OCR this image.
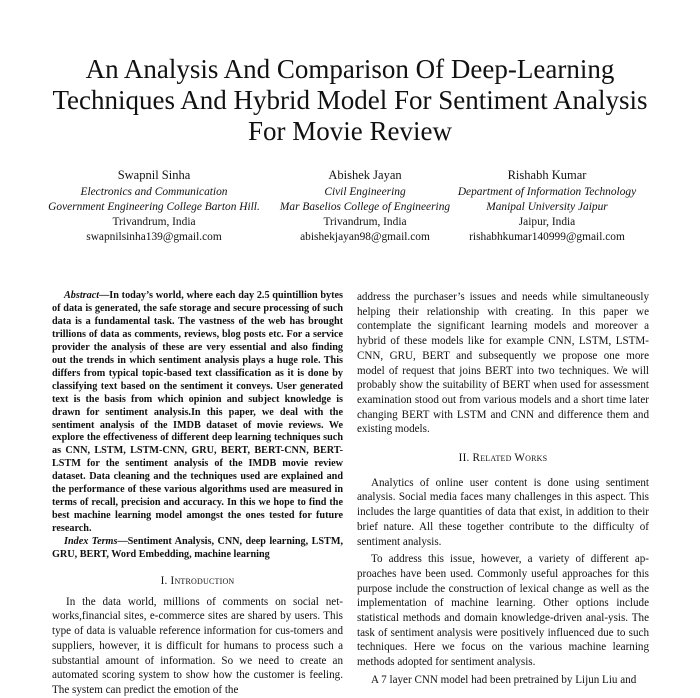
An Analysis And Comparison Of Deep-Learning Techniques And Hybrid Model For Sentiment Analysis For Movie Review
Swapnil Sinha
Electronics and Communication
Government Engineering College Barton Hill.
Trivandrum, India
swapnilsinha139@gmail.com
Abishek Jayan
Civil Engineering
Mar Baselios College of Engineering
Trivandrum, India
abishekjayan98@gmail.com
Rishabh Kumar
Department of Information Technology
Manipal University Jaipur
Jaipur, India
rishabhkumar140999@gmail.com

Abstract—In today’s world, where each day 2.5 quintillion bytes of data is generated, the safe storage and secure processing of such data is a fundamental task. The vastness of the web has brought trillions of data as comments, reviews, blog posts etc. For a service provider the analysis of these are very essential and also finding out the trends in which sentiment analysis plays a huge role. This differs from typical topic-based text classification as it is done by classifying text based on the sentiment it conveys. User generated text is the basis from which opinion and subject knowledge is drawn for sentiment analysis.In this paper, we deal with the sentiment analysis of the IMDB dataset of movie reviews. We explore the effectiveness of different deep learning techniques such as CNN, LSTM, LSTM-CNN, GRU, BERT, BERT-CNN, BERT-LSTM for the sentiment analysis of the IMDB movie review dataset. Data cleaning and the techniques used are explained and the performance of these various algorithms used are measured in terms of recall, precision and accuracy. In this we hope to find the best machine learning model amongst the ones tested for future research.

Index Terms—Sentiment Analysis, CNN, deep learning, LSTM, GRU, BERT, Word Embedding, machine learning

I. Introduction

In the data world, millions of comments on social net-works,financial sites, e-commerce sites are shared by users. This type of data is valuable reference information for cus-tomers and suppliers, however, it is difficult for humans to process such a substantial amount of information. So we need to create an automated scoring system to show how the customer is feeling. The system can predict the emotion of the

address the purchaser’s issues and needs while simultaneously helping their relationship with creating. In this paper we contemplate the significant learning models and moreover a hybrid of these models like for example CNN, LSTM, LSTM-CNN, GRU, BERT and subsequently we propose one more model of request that joins BERT into two techniques. We will probably show the suitability of BERT when used for assessment examination stood out from various models and a short time later changing BERT with LSTM and CNN and difference them and existing models.

II. Related Works

Analytics of online user content is done using sentiment analysis. Social media faces many challenges in this aspect. This includes the large quantities of data that exist, in addition to their brief nature. All these together contribute to the difficulty of sentiment analysis.

To address this issue, however, a variety of different ap-proaches have been used. Commonly useful approaches for this purpose include the construction of lexical change as well as the implementation of machine learning. Other options include statistical methods and domain knowledge-driven anal-ysis. The task of sentiment analysis were positively influenced due to such techniques. Here we focus on the various machine learning methods adopted for sentiment analysis.

A 7 layer CNN model had been pretrained by Lijun Liu and
